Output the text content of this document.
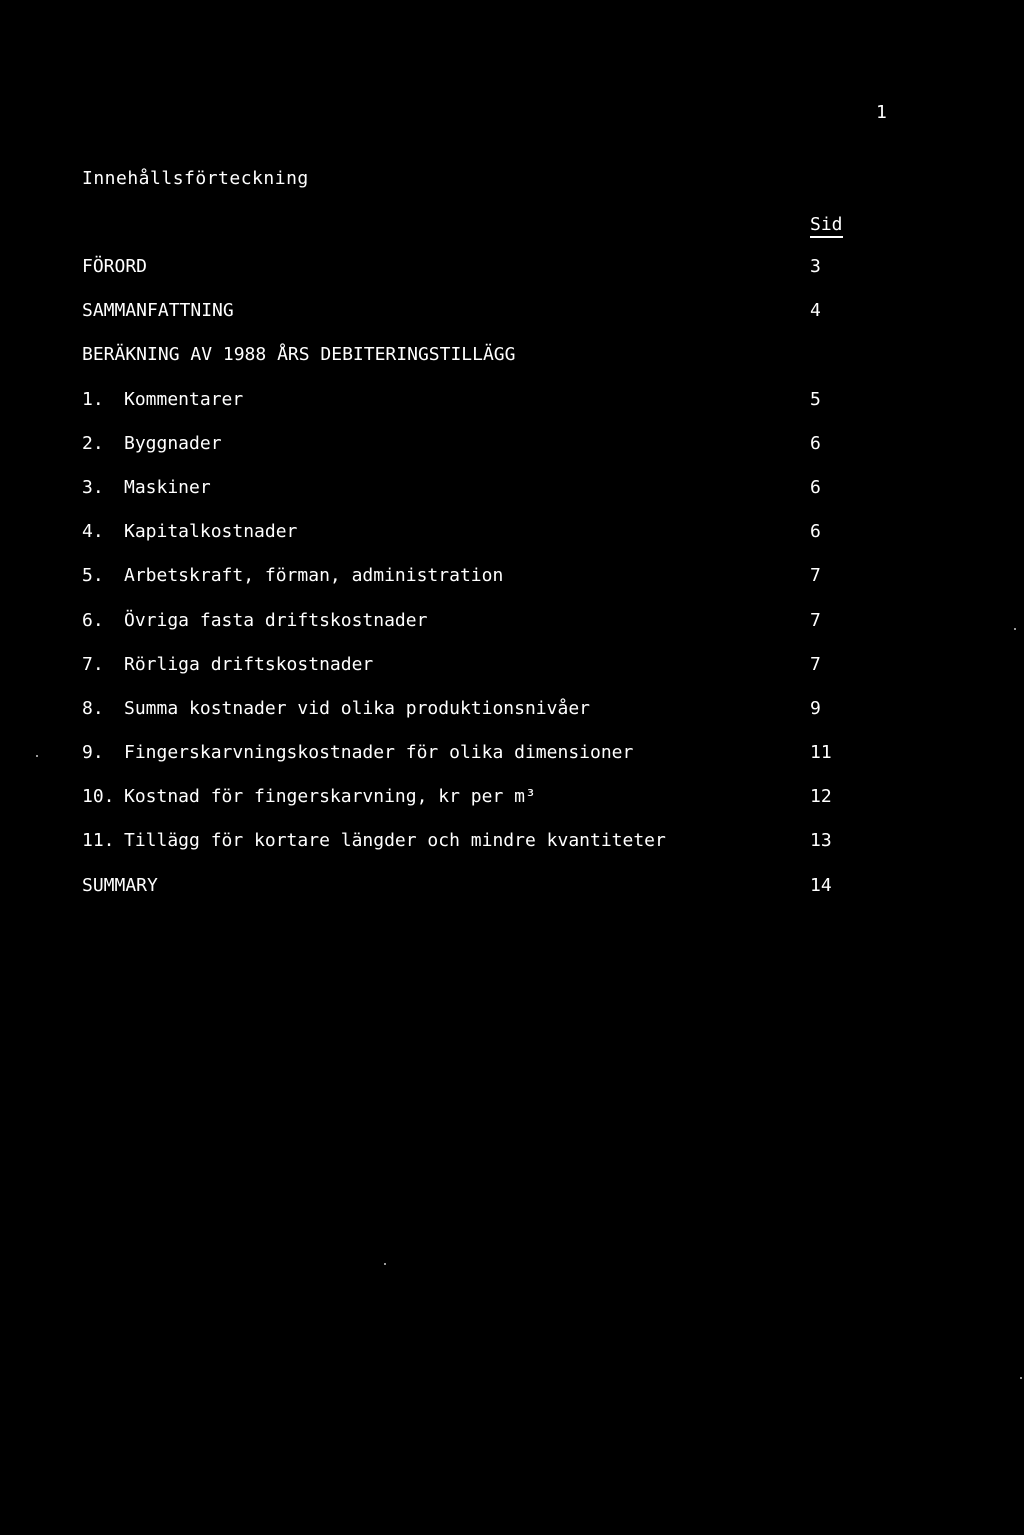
1
Innehållsförteckning
Sid
FÖRORD	3
SAMMANFATTNING	4
BERÄKNING AV 1988 ÅRS DEBITERINGSTILLÄGG
1. Kommentarer	5
2. Byggnader	6
3. Maskiner	6
4. Kapitalkostnader	6
5. Arbetskraft, förman, administration	7
6. Övriga fasta driftskostnader	7
7. Rörliga driftskostnader	7
8. Summa kostnader vid olika produktionsnivåer	9
9. Fingerskarvningskostnader för olika dimensioner	11
10. Kostnad för fingerskarvning, kr per m³	12
11. Tillägg för kortare längder och mindre kvantiteter	13
SUMMARY	14
